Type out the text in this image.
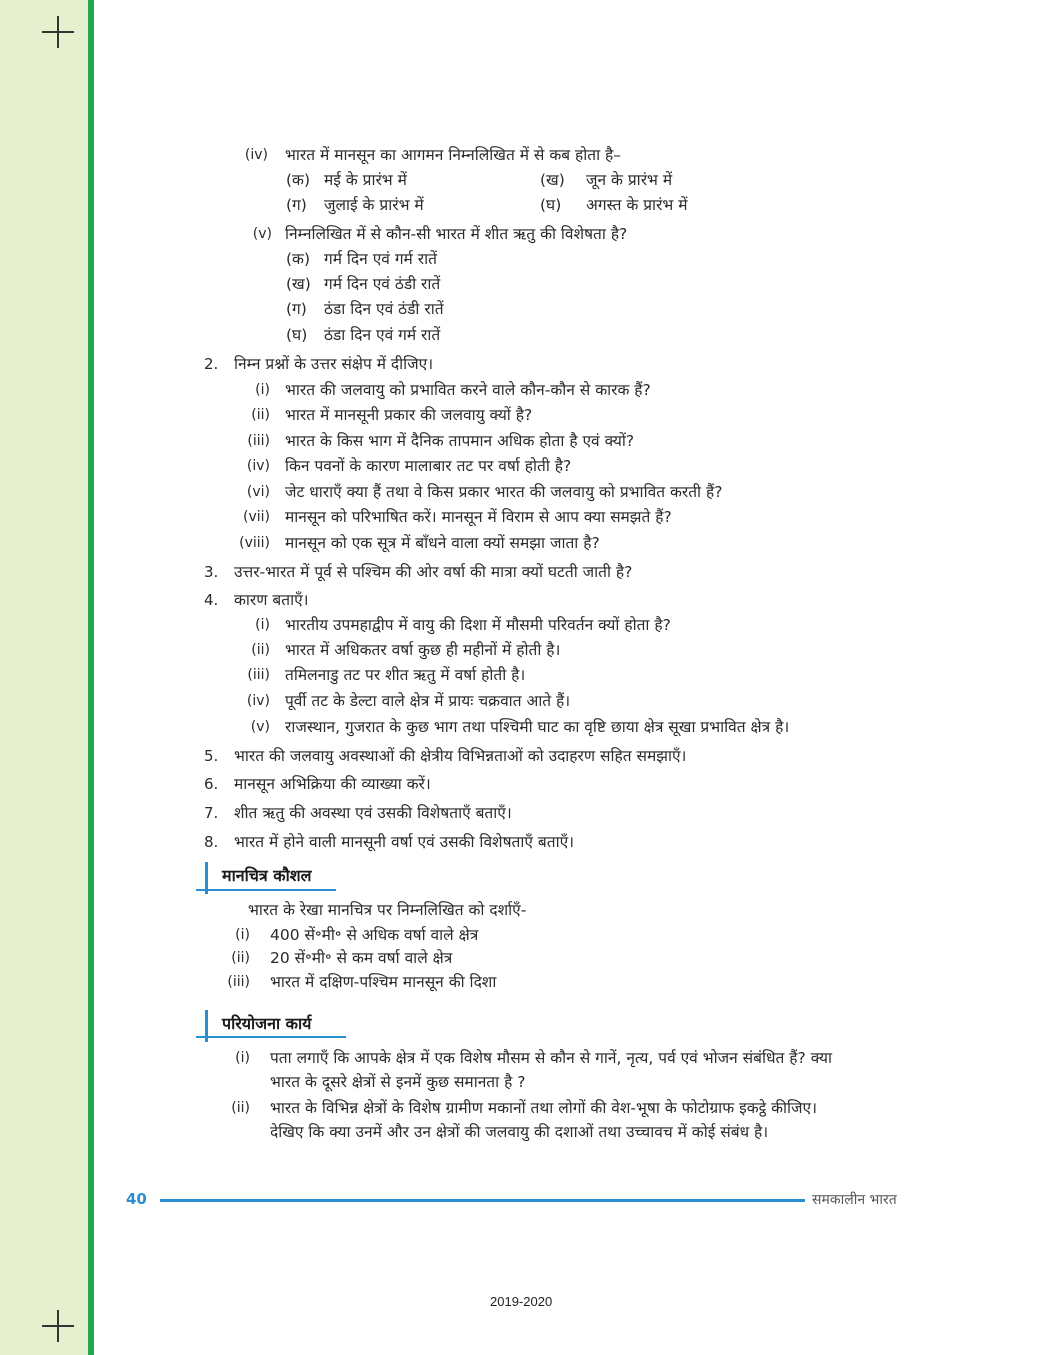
(iv) भारत में मानसून का आगमन निम्नलिखित में से कब होता है–
(क) मई के प्रारंभ में	(ख) जून के प्रारंभ में
(ग) जुलाई के प्रारंभ में	(घ) अगस्त के प्रारंभ में
(v) निम्नलिखित में से कौन-सी भारत में शीत ऋतु की विशेषता है?
(क) गर्म दिन एवं गर्म रातें
(ख) गर्म दिन एवं ठंडी रातें
(ग) ठंडा दिन एवं ठंडी रातें
(घ) ठंडा दिन एवं गर्म रातें
2. निम्न प्रश्नों के उत्तर संक्षेप में दीजिए।
(i) भारत की जलवायु को प्रभावित करने वाले कौन-कौन से कारक हैं?
(ii) भारत में मानसूनी प्रकार की जलवायु क्यों है?
(iii) भारत के किस भाग में दैनिक तापमान अधिक होता है एवं क्यों?
(iv) किन पवनों के कारण मालाबार तट पर वर्षा होती है?
(vi) जेट धाराएँ क्या हैं तथा वे किस प्रकार भारत की जलवायु को प्रभावित करती हैं?
(vii) मानसून को परिभाषित करें। मानसून में विराम से आप क्या समझते हैं?
(viii) मानसून को एक सूत्र में बाँधने वाला क्यों समझा जाता है?
3. उत्तर-भारत में पूर्व से पश्चिम की ओर वर्षा की मात्रा क्यों घटती जाती है?
4. कारण बताएँ।
(i) भारतीय उपमहाद्वीप में वायु की दिशा में मौसमी परिवर्तन क्यों होता है?
(ii) भारत में अधिकतर वर्षा कुछ ही महीनों में होती है।
(iii) तमिलनाडु तट पर शीत ऋतु में वर्षा होती है।
(iv) पूर्वी तट के डेल्टा वाले क्षेत्र में प्रायः चक्रवात आते हैं।
(v) राजस्थान, गुजरात के कुछ भाग तथा पश्चिमी घाट का वृष्टि छाया क्षेत्र सूखा प्रभावित क्षेत्र है।
5. भारत की जलवायु अवस्थाओं की क्षेत्रीय विभिन्नताओं को उदाहरण सहित समझाएँ।
6. मानसून अभिक्रिया की व्याख्या करें।
7. शीत ऋतु की अवस्था एवं उसकी विशेषताएँ बताएँ।
8. भारत में होने वाली मानसूनी वर्षा एवं उसकी विशेषताएँ बताएँ।
मानचित्र कौशल
भारत के रेखा मानचित्र पर निम्नलिखित को दर्शाएँ-
(i) 400 सें॰मी॰ से अधिक वर्षा वाले क्षेत्र
(ii) 20 सें॰मी॰ से कम वर्षा वाले क्षेत्र
(iii) भारत में दक्षिण-पश्चिम मानसून की दिशा
परियोजना कार्य
(i) पता लगाएँ कि आपके क्षेत्र में एक विशेष मौसम से कौन से गानें, नृत्य, पर्व एवं भोजन संबंधित हैं? क्या
भारत के दूसरे क्षेत्रों से इनमें कुछ समानता है ?
(ii) भारत के विभिन्न क्षेत्रों के विशेष ग्रामीण मकानों तथा लोगों की वेश-भूषा के फोटोग्राफ इकट्ठे कीजिए।
देखिए कि क्या उनमें और उन क्षेत्रों की जलवायु की दशाओं तथा उच्चावच में कोई संबंध है।
40	समकालीन भारत
2019-2020
